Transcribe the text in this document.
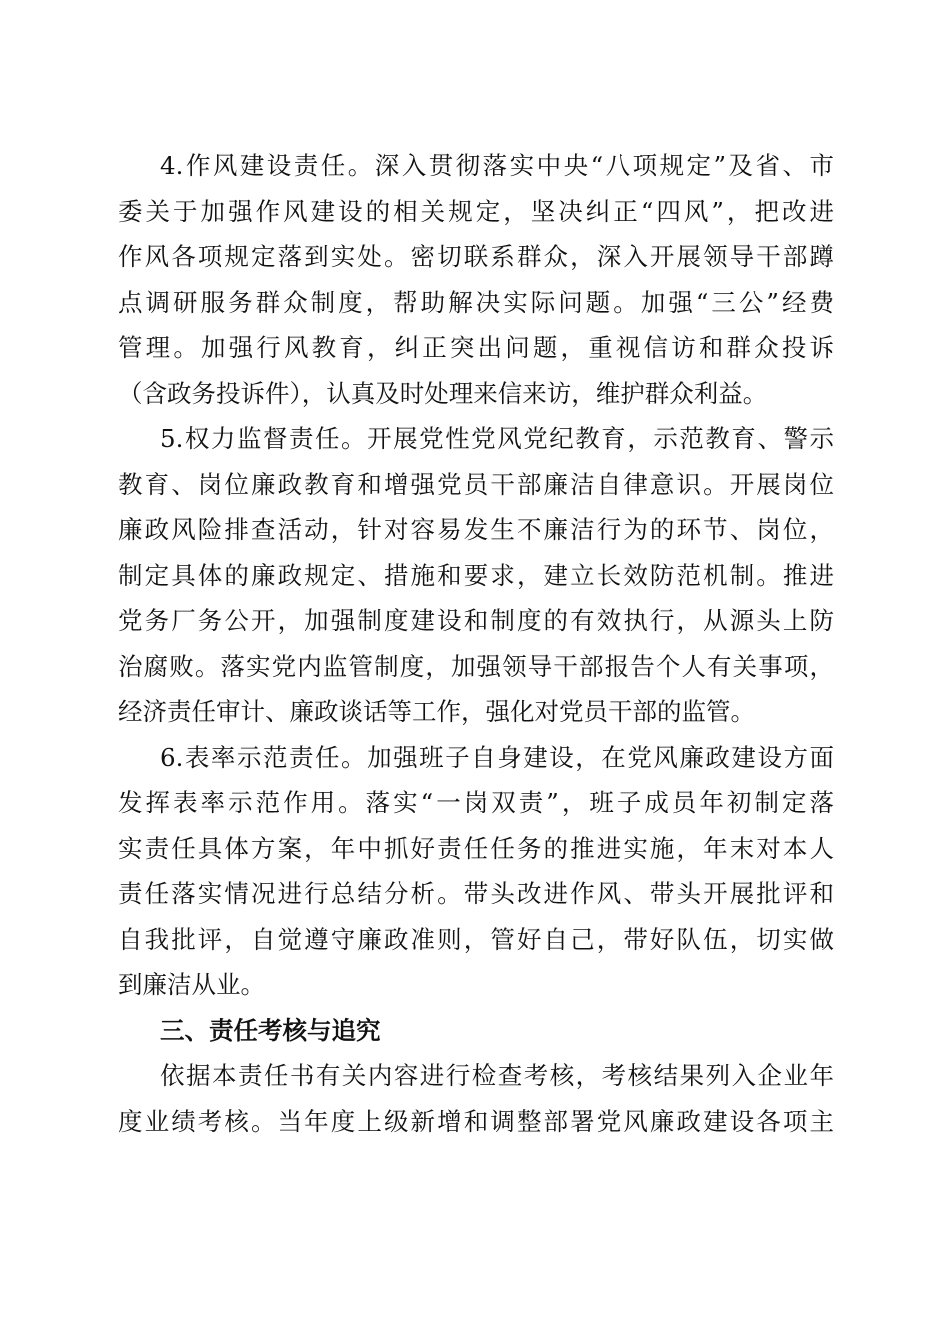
4.作风建设责任。深入贯彻落实中央“八项规定”及省、市
委关于加强作风建设的相关规定，坚决纠正“四风”，把改进
作风各项规定落到实处。密切联系群众，深入开展领导干部蹲
点调研服务群众制度，帮助解决实际问题。加强“三公”经费
管理。加强行风教育，纠正突出问题，重视信访和群众投诉
（含政务投诉件），认真及时处理来信来访，维护群众利益。
5.权力监督责任。开展党性党风党纪教育，示范教育、警示
教育、岗位廉政教育和增强党员干部廉洁自律意识。开展岗位
廉政风险排查活动，针对容易发生不廉洁行为的环节、岗位，
制定具体的廉政规定、措施和要求，建立长效防范机制。推进
党务厂务公开，加强制度建设和制度的有效执行，从源头上防
治腐败。落实党内监管制度，加强领导干部报告个人有关事项，
经济责任审计、廉政谈话等工作，强化对党员干部的监管。
6.表率示范责任。加强班子自身建设，在党风廉政建设方面
发挥表率示范作用。落实“一岗双责”，班子成员年初制定落
实责任具体方案，年中抓好责任任务的推进实施，年末对本人
责任落实情况进行总结分析。带头改进作风、带头开展批评和
自我批评，自觉遵守廉政准则，管好自己，带好队伍，切实做
到廉洁从业。
三、责任考核与追究
依据本责任书有关内容进行检查考核，考核结果列入企业年
度业绩考核。当年度上级新增和调整部署党风廉政建设各项主
